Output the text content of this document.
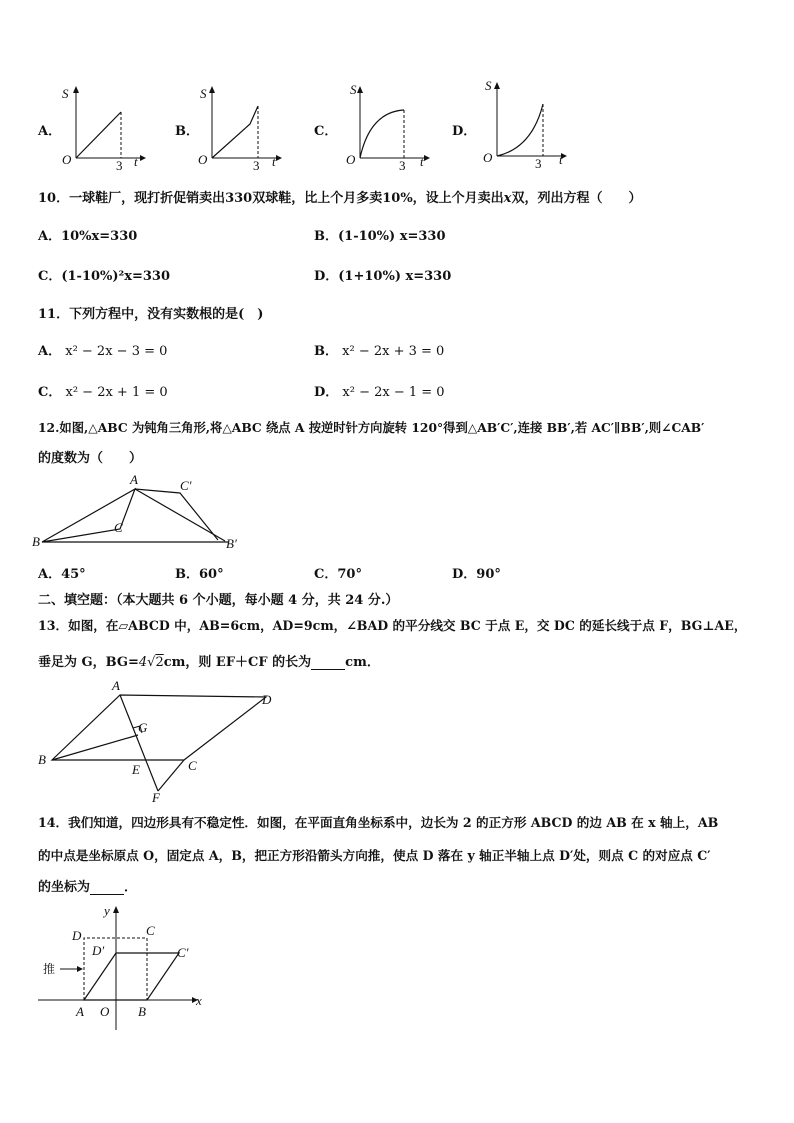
A．
S
O	3 t
B．
S
O	3 t
C．
S
O	3 t
D．
S
O	3 t
10．一球鞋厂，现打折促销卖出330双球鞋，比上个月多卖10%，设上个月卖出x双，列出方程（　　）
A．10%x=330	B．(1-10%) x=330
C．(1-10%)²x=330	D．(1+10%) x=330
11．下列方程中，没有实数根的是(　)
A． x² − 2x − 3 = 0	B． x² − 2x + 3 = 0
C． x² − 2x + 1 = 0	D． x² − 2x − 1 = 0
12.如图,△ABC 为钝角三角形,将△ABC 绕点 A 按逆时针方向旋转 120°得到△AB′C′,连接 BB′,若 AC′∥BB′,则∠CAB′
的度数为（　　）
A
B
C
B′
C′
A．45°	B．60°	C．70°	D．90°
二、填空题：（本大题共 6 个小题，每小题 4 分，共 24 分.）
13．如图，在▱ABCD 中，AB=6cm，AD=9cm，∠BAD 的平分线交 BC 于点 E，交 DC 的延长线于点 F，BG⊥AE，
垂足为 G，BG=4√2cm，则 EF＋CF 的长为	cm．
A
B	C
D
E
F
G
14．我们知道，四边形具有不稳定性．如图，在平面直角坐标系中，边长为 2 的正方形 ABCD 的边 AB 在 x 轴上，AB
的中点是坐标原点 O，固定点 A，B，把正方形沿箭头方向推，使点 D 落在 y 轴正半轴上点 D′处，则点 C 的对应点 C′
的坐标为	．
推
y
x
D	C
D′	C′
A O B
